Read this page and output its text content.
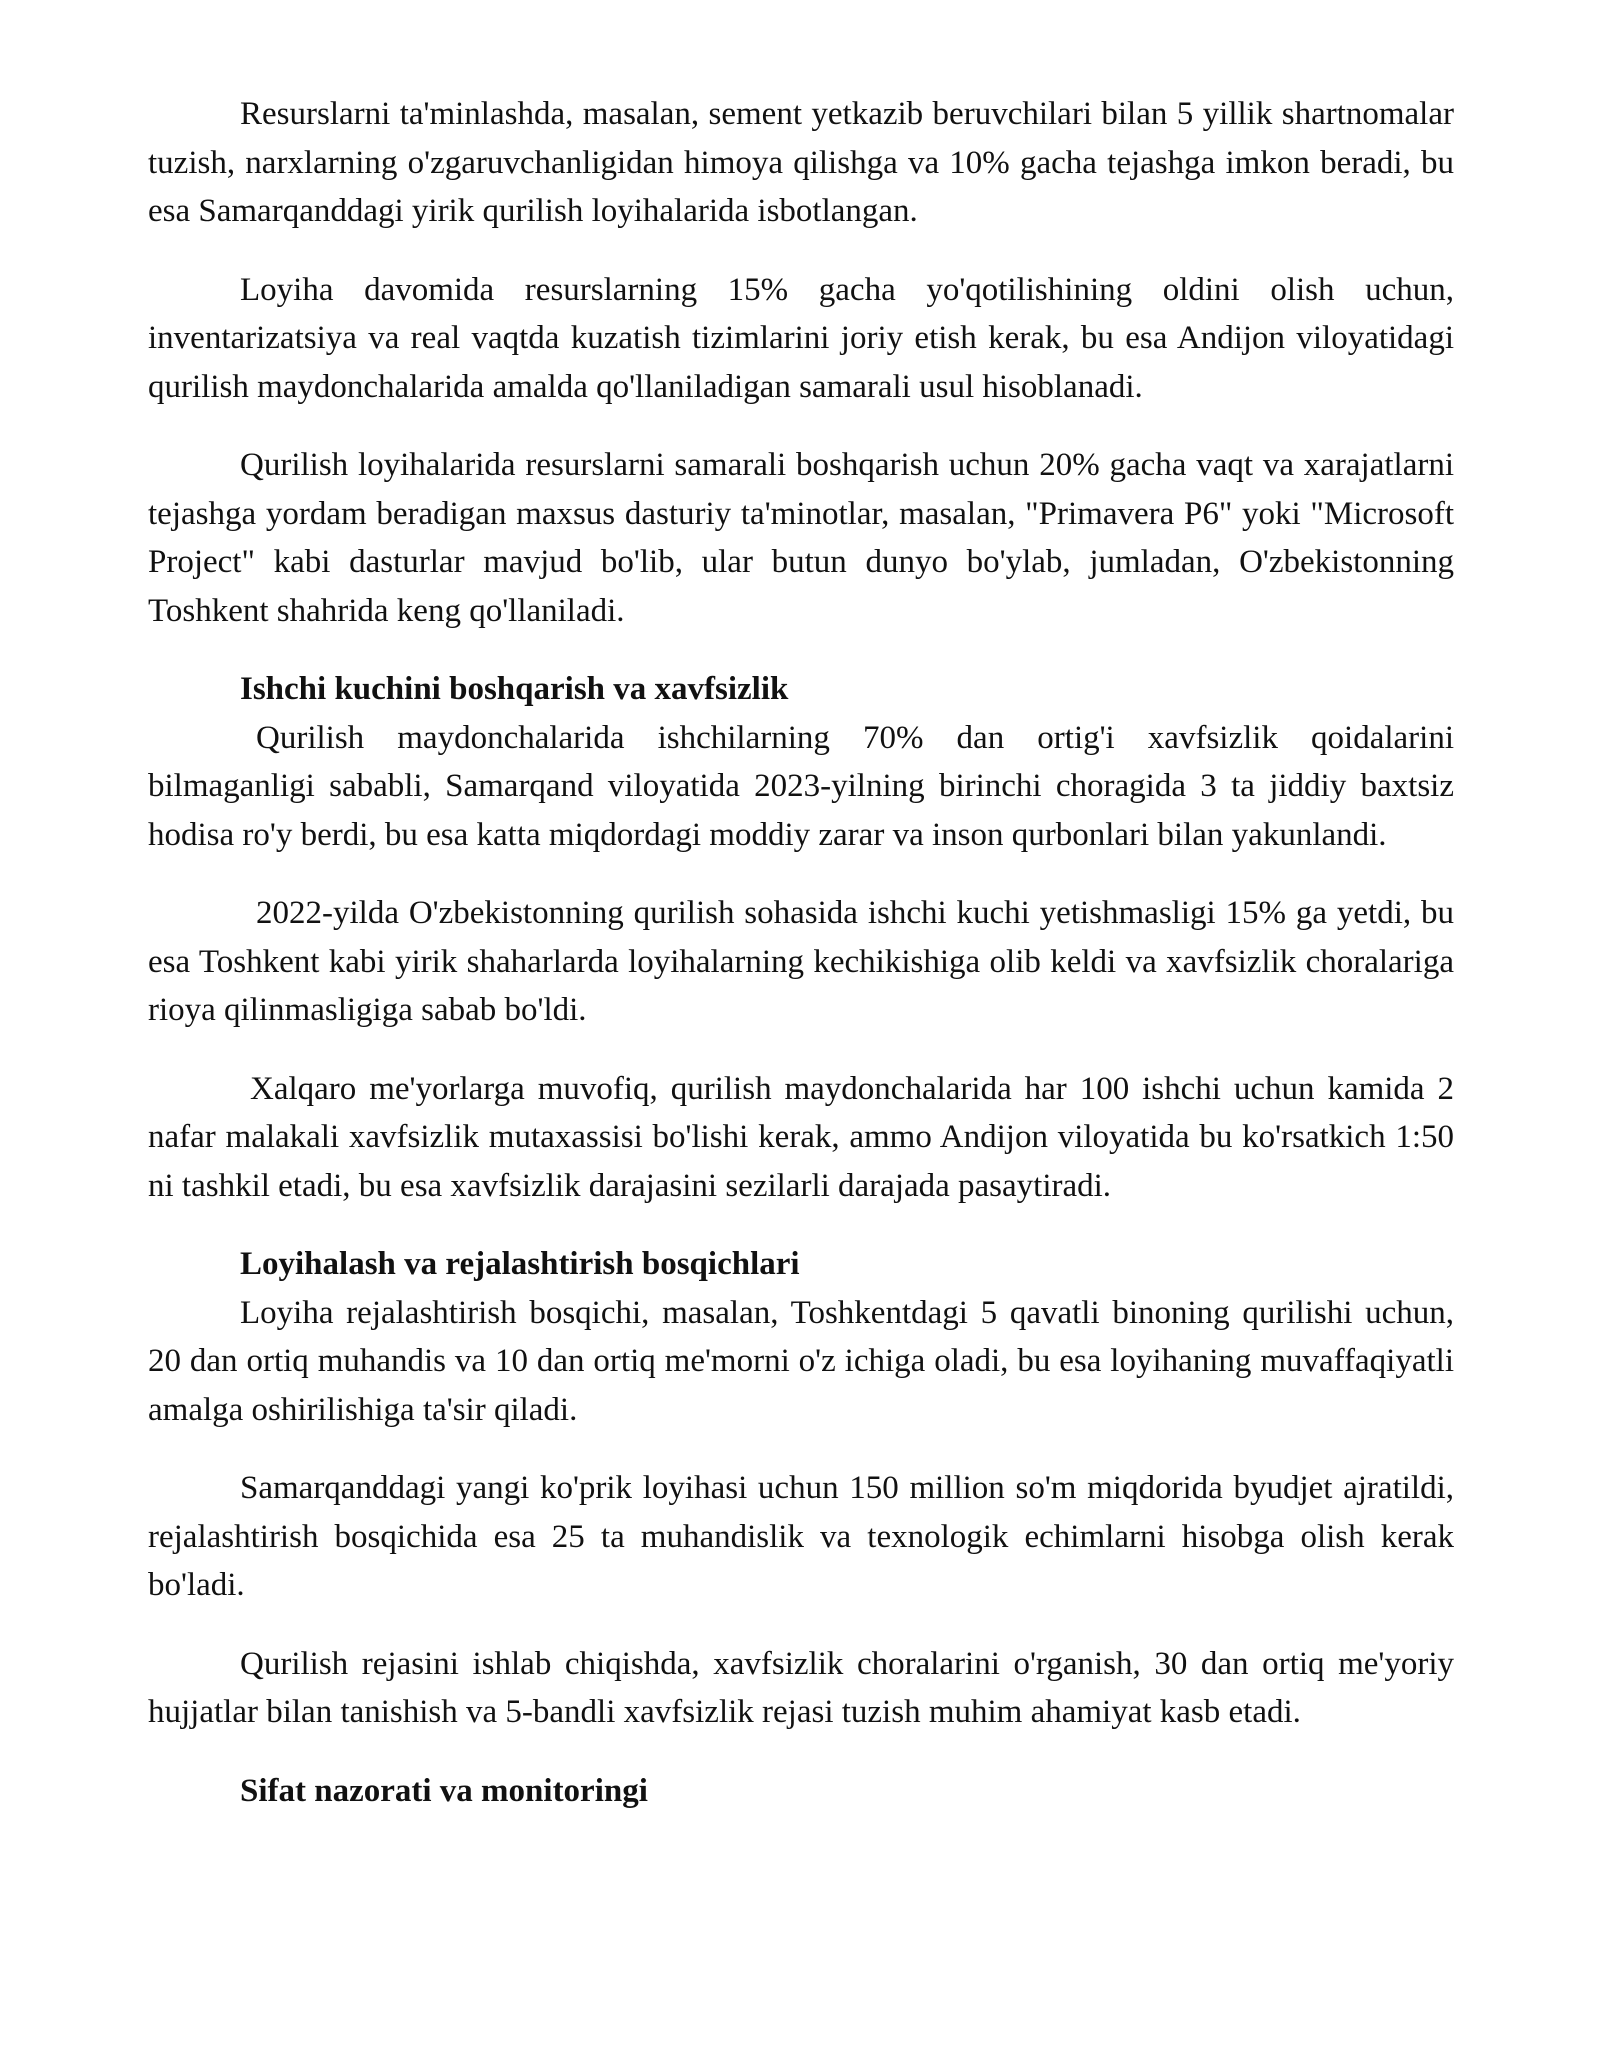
Resurslarni ta'minlashda, masalan, sement yetkazib beruvchilari bilan 5 yillik shartnomalar tuzish, narxlarning o'zgaruvchanligidan himoya qilishga va 10% gacha tejashga imkon beradi, bu esa Samarqanddagi yirik qurilish loyihalarida isbotlangan.

Loyiha davomida resurslarning 15% gacha yo'qotilishining oldini olish uchun, inventarizatsiya va real vaqtda kuzatish tizimlarini joriy etish kerak, bu esa Andijon viloyatidagi qurilish maydonchalarida amalda qo'llaniladigan samarali usul hisoblanadi.

Qurilish loyihalarida resurslarni samarali boshqarish uchun 20% gacha vaqt va xarajatlarni tejashga yordam beradigan maxsus dasturiy ta'minotlar, masalan, "Primavera P6" yoki "Microsoft Project" kabi dasturlar mavjud bo'lib, ular butun dunyo bo'ylab, jumladan, O'zbekistonning Toshkent shahrida keng qo'llaniladi.

Ishchi kuchini boshqarish va xavfsizlik

Qurilish maydonchalarida ishchilarning 70% dan ortig'i xavfsizlik qoidalarini bilmaganligi sababli, Samarqand viloyatida 2023-yilning birinchi choragida 3 ta jiddiy baxtsiz hodisa ro'y berdi, bu esa katta miqdordagi moddiy zarar va inson qurbonlari bilan yakunlandi.

2022-yilda O'zbekistonning qurilish sohasida ishchi kuchi yetishmasligi 15% ga yetdi, bu esa Toshkent kabi yirik shaharlarda loyihalarning kechikishiga olib keldi va xavfsizlik choralariga rioya qilinmasligiga sabab bo'ldi.

Xalqaro me'yorlarga muvofiq, qurilish maydonchalarida har 100 ishchi uchun kamida 2 nafar malakali xavfsizlik mutaxassisi bo'lishi kerak, ammo Andijon viloyatida bu ko'rsatkich 1:50 ni tashkil etadi, bu esa xavfsizlik darajasini sezilarli darajada pasaytiradi.

Loyihalash va rejalashtirish bosqichlari

Loyiha rejalashtirish bosqichi, masalan, Toshkentdagi 5 qavatli binoning qurilishi uchun, 20 dan ortiq muhandis va 10 dan ortiq me'morni o'z ichiga oladi, bu esa loyihaning muvaffaqiyatli amalga oshirilishiga ta'sir qiladi.

Samarqanddagi yangi ko'prik loyihasi uchun 150 million so'm miqdorida byudjet ajratildi, rejalashtirish bosqichida esa 25 ta muhandislik va texnologik echimlarni hisobga olish kerak bo'ladi.

Qurilish rejasini ishlab chiqishda, xavfsizlik choralarini o'rganish, 30 dan ortiq me'yoriy hujjatlar bilan tanishish va 5-bandli xavfsizlik rejasi tuzish muhim ahamiyat kasb etadi.

Sifat nazorati va monitoringi
